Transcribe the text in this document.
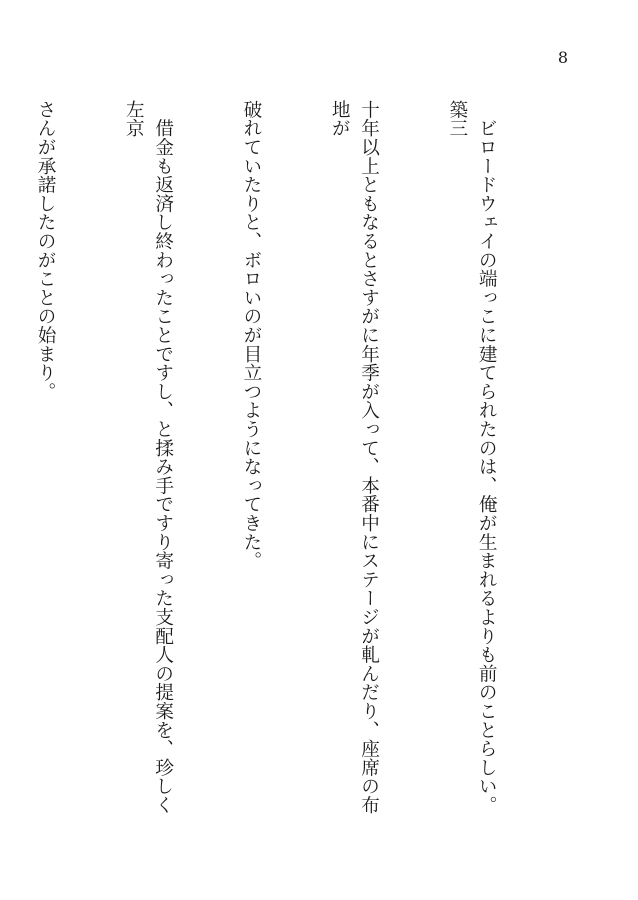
8

　ビロードウェイの端っこに建てられたのは、俺が生まれるよりも前のことらしい。築三

十年以上ともなるとさすがに年季が入って、本番中にステージが軋んだり、座席の布地が

破れていたりと、ボロいのが目立つようになってきた。

　借金も返済し終わったことですし、と揉み手ですり寄った支配人の提案を、珍しく左京

さんが承諾したのがことの始まり。
